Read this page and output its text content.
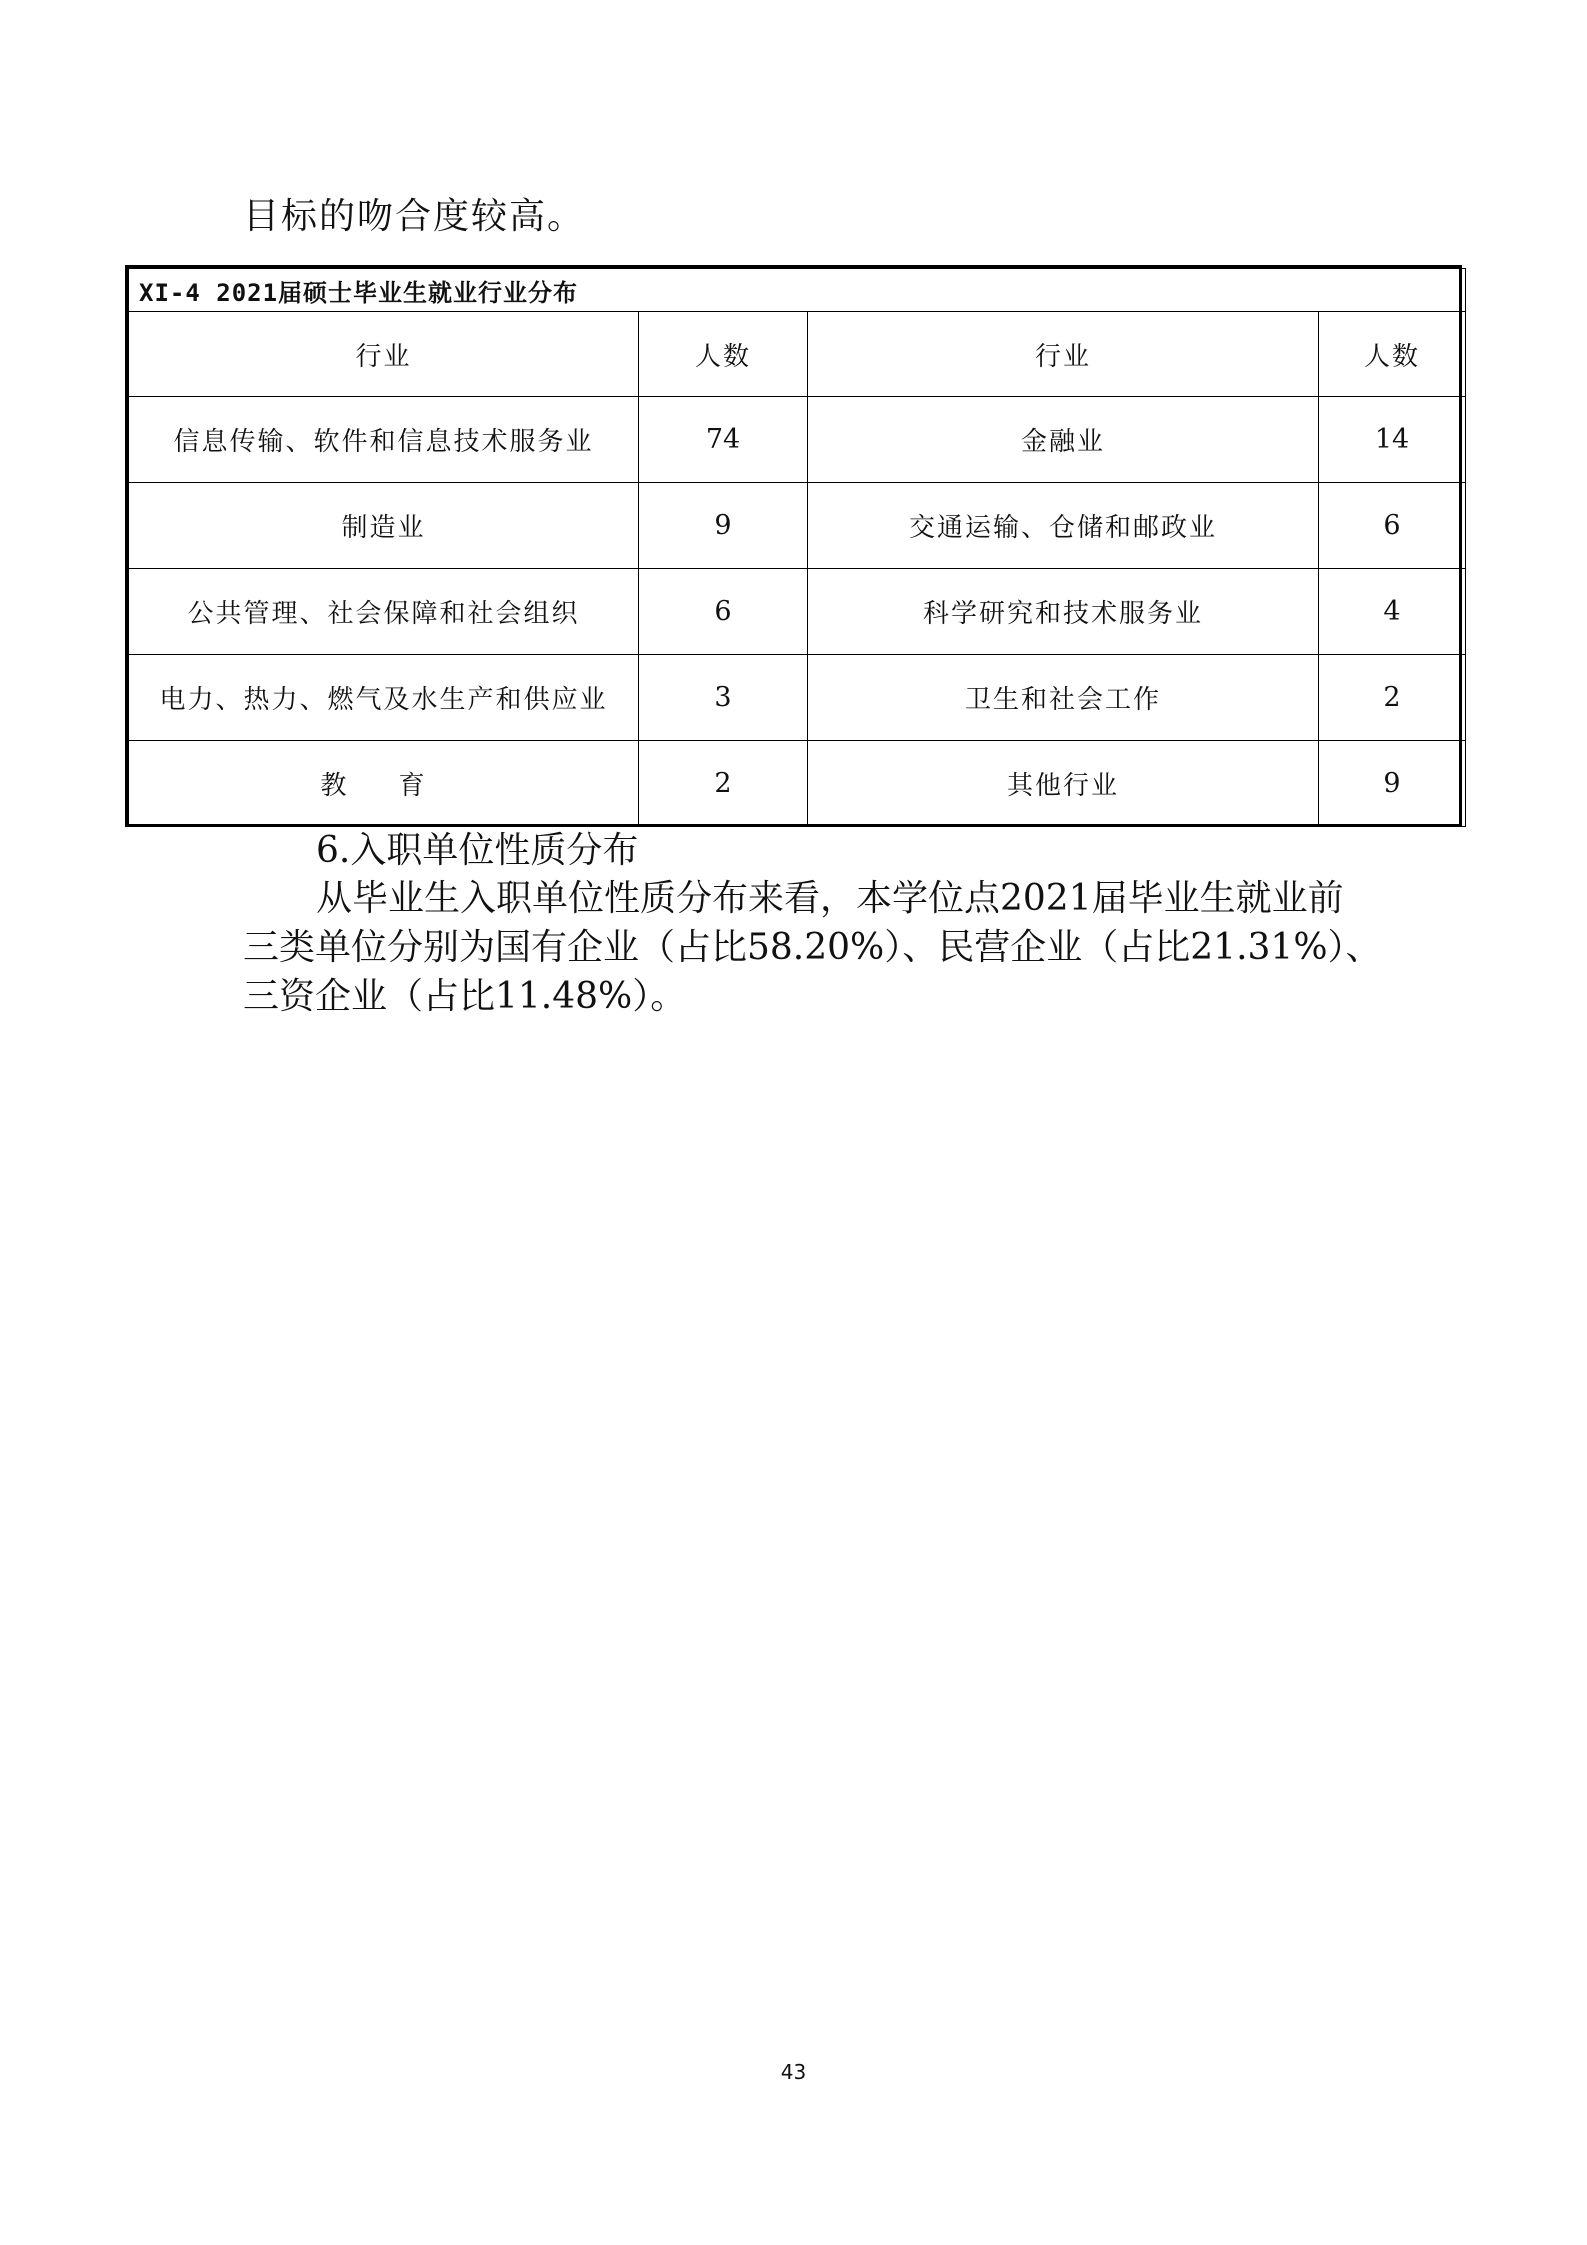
目标的吻合度较高。

XI-4 2021届硕士毕业生就业行业分布			
行业	人数	行业	人数
信息传输、软件和信息技术服务业	74	金融业	14
制造业	9	交通运输、仓储和邮政业	6
公共管理、社会保障和社会组织	6	科学研究和技术服务业	4
电力、热力、燃气及水生产和供应业	3	卫生和社会工作	2
教 育	2	其他行业	9

6.入职单位性质分布

从毕业生入职单位性质分布来看，本学位点2021届毕业生就业前

三类单位分别为国有企业（占比58.20%）、民营企业（占比21.31%）、

三资企业（占比11.48%）。

43
